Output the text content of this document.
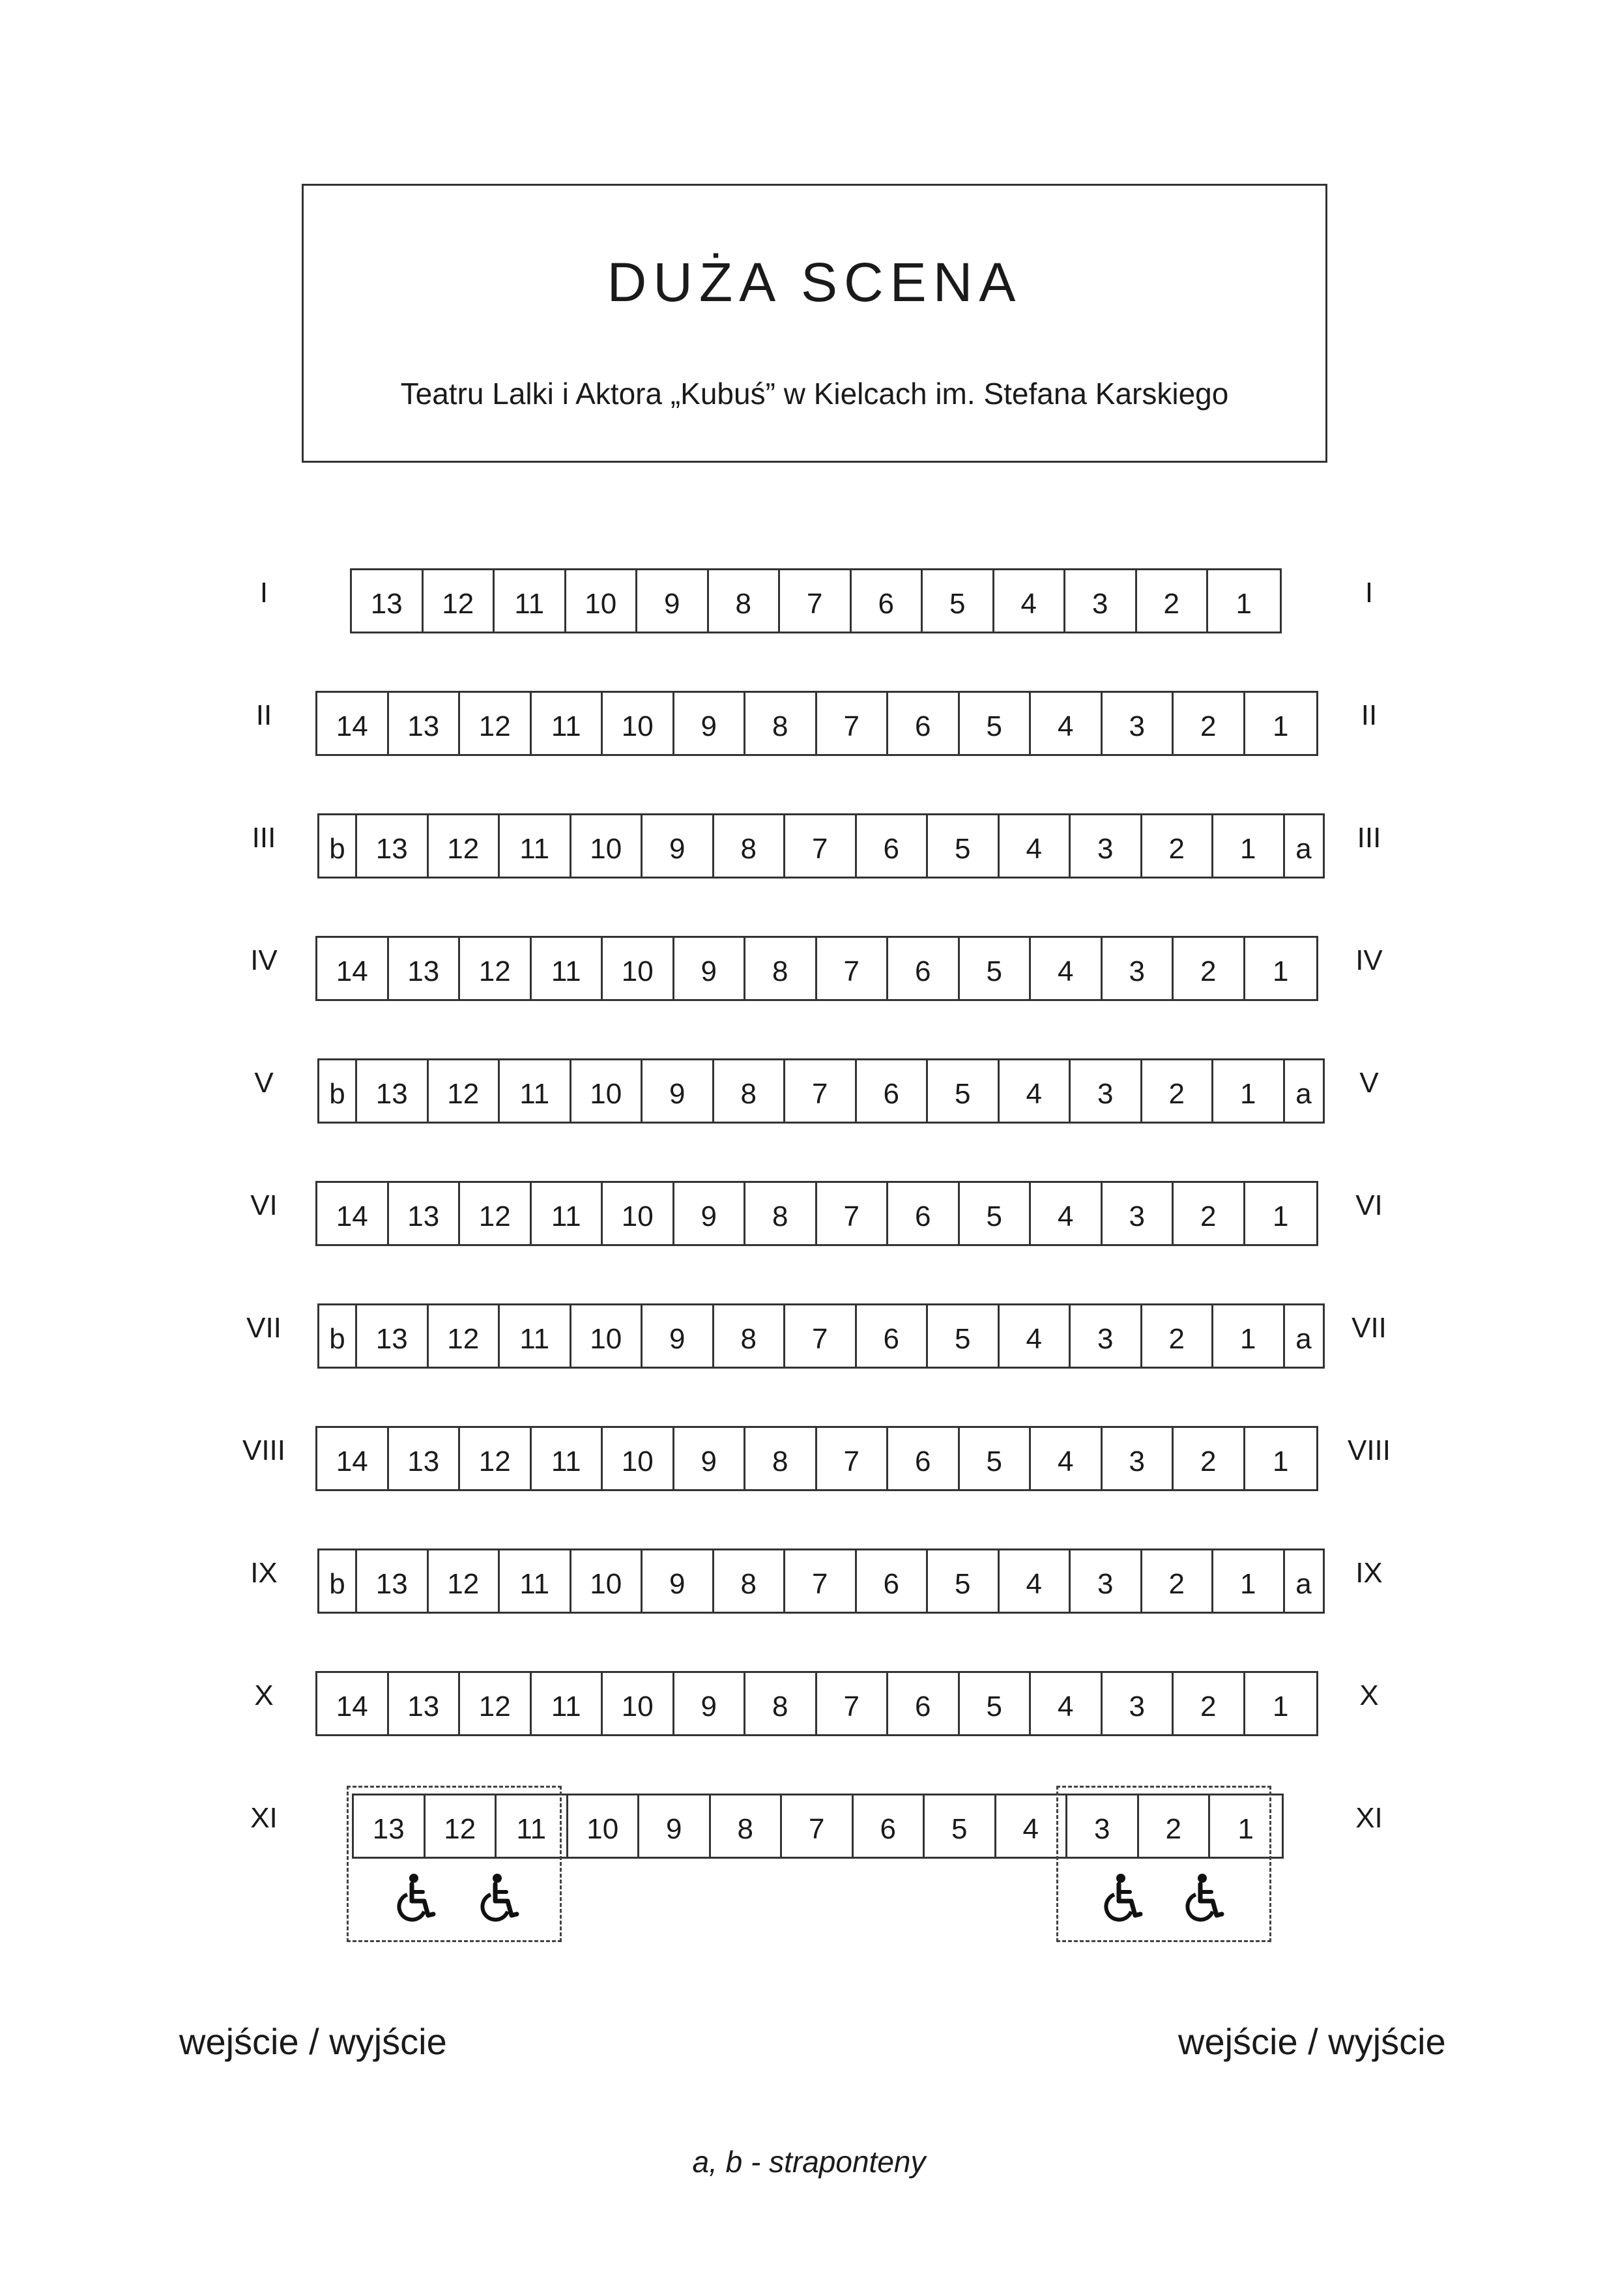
DUŻA SCENA
Teatru Lalki i Aktora „Kubuś” w Kielcach im. Stefana Karskiego
I	13	12	11	10	9	8	7	6	5	4	3	2	1	I
II	14	13	12	11	10	9	8	7	6	5	4	3	2	1	II
III	b	13	12	11	10	9	8	7	6	5	4	3	2	1	a	III
IV	14	13	12	11	10	9	8	7	6	5	4	3	2	1	IV
V	b	13	12	11	10	9	8	7	6	5	4	3	2	1	a	V
VI	14	13	12	11	10	9	8	7	6	5	4	3	2	1	VI
VII	b	13	12	11	10	9	8	7	6	5	4	3	2	1	a	VII
VIII	14	13	12	11	10	9	8	7	6	5	4	3	2	1	VIII
IX	b	13	12	11	10	9	8	7	6	5	4	3	2	1	a	IX
X	14	13	12	11	10	9	8	7	6	5	4	3	2	1	X
XI	13	12	11	10	9	8	7	6	5	4	3	2	1	XI
wejście / wyjście	wejście / wyjście
a, b - straponteny
